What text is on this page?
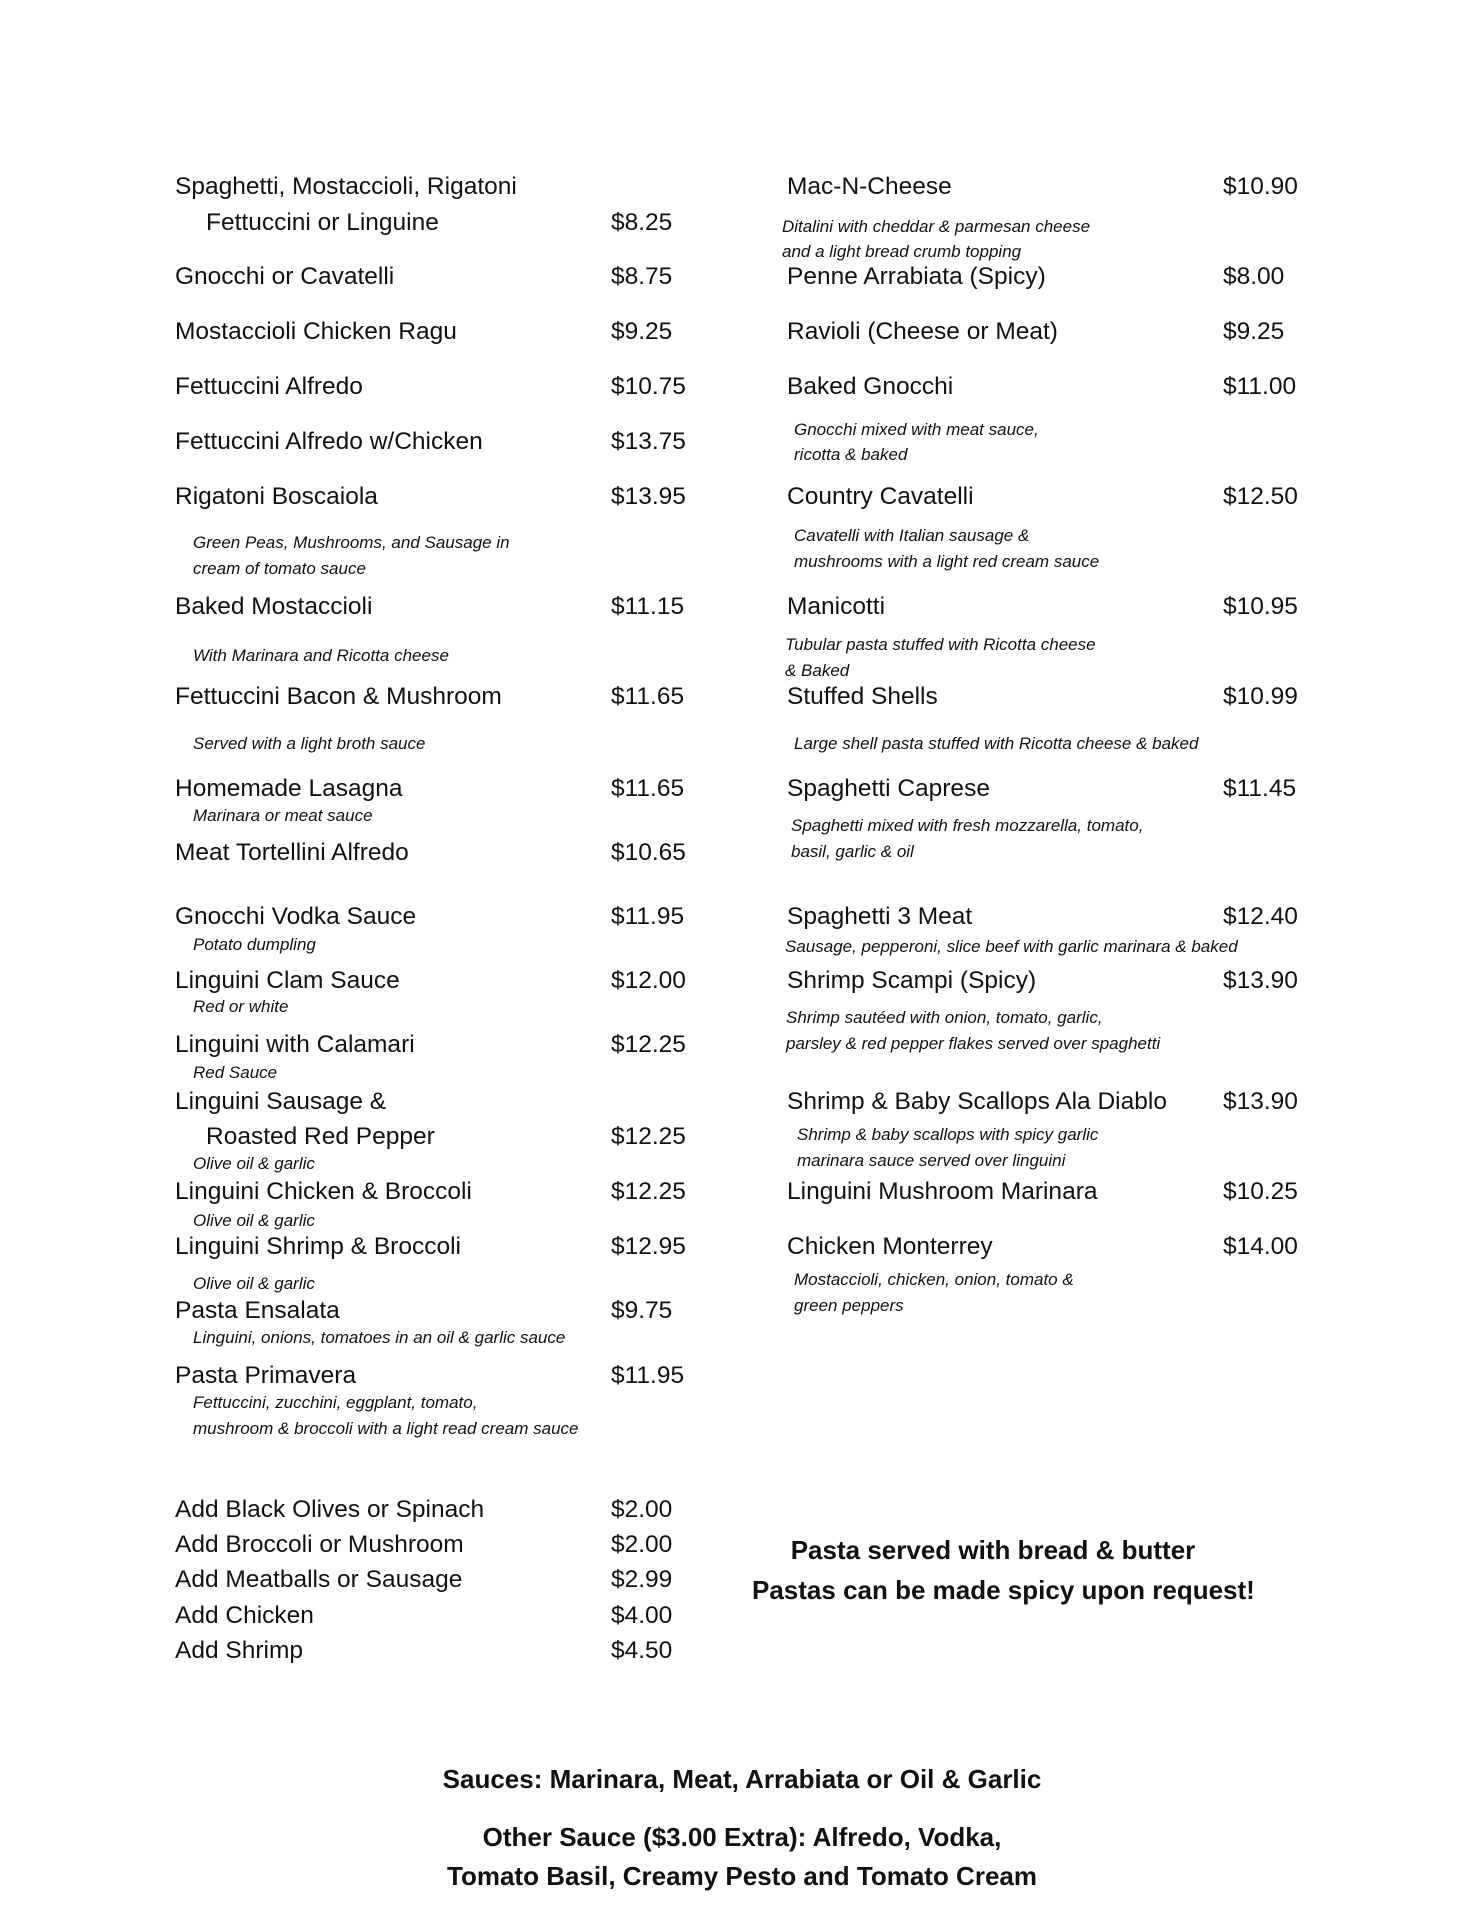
Spaghetti, Mostaccioli, Rigatoni

Fettuccini or Linguine	$8.25

Gnocchi or Cavatelli	$8.75

Mostaccioli Chicken Ragu	$9.25

Fettuccini Alfredo	$10.75

Fettuccini Alfredo w/Chicken	$13.75

Rigatoni Boscaiola	$13.95

Green Peas, Mushrooms, and Sausage in

cream of tomato sauce

Baked Mostaccioli	$11.15

With Marinara and Ricotta cheese

Fettuccini Bacon & Mushroom	$11.65

Served with a light broth sauce

Homemade Lasagna	$11.65

Marinara or meat sauce

Meat Tortellini Alfredo	$10.65

Gnocchi Vodka Sauce	$11.95

Potato dumpling

Linguini Clam Sauce	$12.00

Red or white

Linguini with Calamari	$12.25

Red Sauce

Linguini Sausage &

Roasted Red Pepper	$12.25

Olive oil & garlic

Linguini Chicken & Broccoli	$12.25

Olive oil & garlic

Linguini Shrimp & Broccoli	$12.95

Olive oil & garlic

Pasta Ensalata	$9.75

Linguini, onions, tomatoes in an oil & garlic sauce

Pasta Primavera	$11.95

Fettuccini, zucchini, eggplant, tomato,

mushroom & broccoli with a light read cream sauce

Add Black Olives or Spinach	$2.00

Add Broccoli or Mushroom	$2.00

Add Meatballs or Sausage	$2.99

Add Chicken	$4.00

Add Shrimp	$4.50

Mac-N-Cheese	$10.90

Ditalini with cheddar & parmesan cheese

and a light bread crumb topping

Penne Arrabiata (Spicy)	$8.00

Ravioli (Cheese or Meat)	$9.25

Baked Gnocchi	$11.00

Gnocchi mixed with meat sauce,

ricotta & baked

Country Cavatelli	$12.50

Cavatelli with Italian sausage &

mushrooms with a light red cream sauce

Manicotti	$10.95

Tubular pasta stuffed with Ricotta cheese

& Baked

Stuffed Shells	$10.99

Large shell pasta stuffed with Ricotta cheese & baked

Spaghetti Caprese	$11.45

Spaghetti mixed with fresh mozzarella, tomato,

basil, garlic & oil

Spaghetti 3 Meat	$12.40

Sausage, pepperoni, slice beef with garlic marinara & baked

Shrimp Scampi (Spicy)	$13.90

Shrimp sautéed with onion, tomato, garlic,

parsley & red pepper flakes served over spaghetti

Shrimp & Baby Scallops Ala Diablo $13.90

Shrimp & baby scallops with spicy garlic

marinara sauce served over linguini

Linguini Mushroom Marinara	$10.25

Chicken Monterrey	$14.00

Mostaccioli, chicken, onion, tomato &

green peppers

Pasta served with bread & butter

Pastas can be made spicy upon request!

Sauces: Marinara, Meat, Arrabiata or Oil & Garlic

Other Sauce ($3.00 Extra): Alfredo, Vodka,

Tomato Basil, Creamy Pesto and Tomato Cream
